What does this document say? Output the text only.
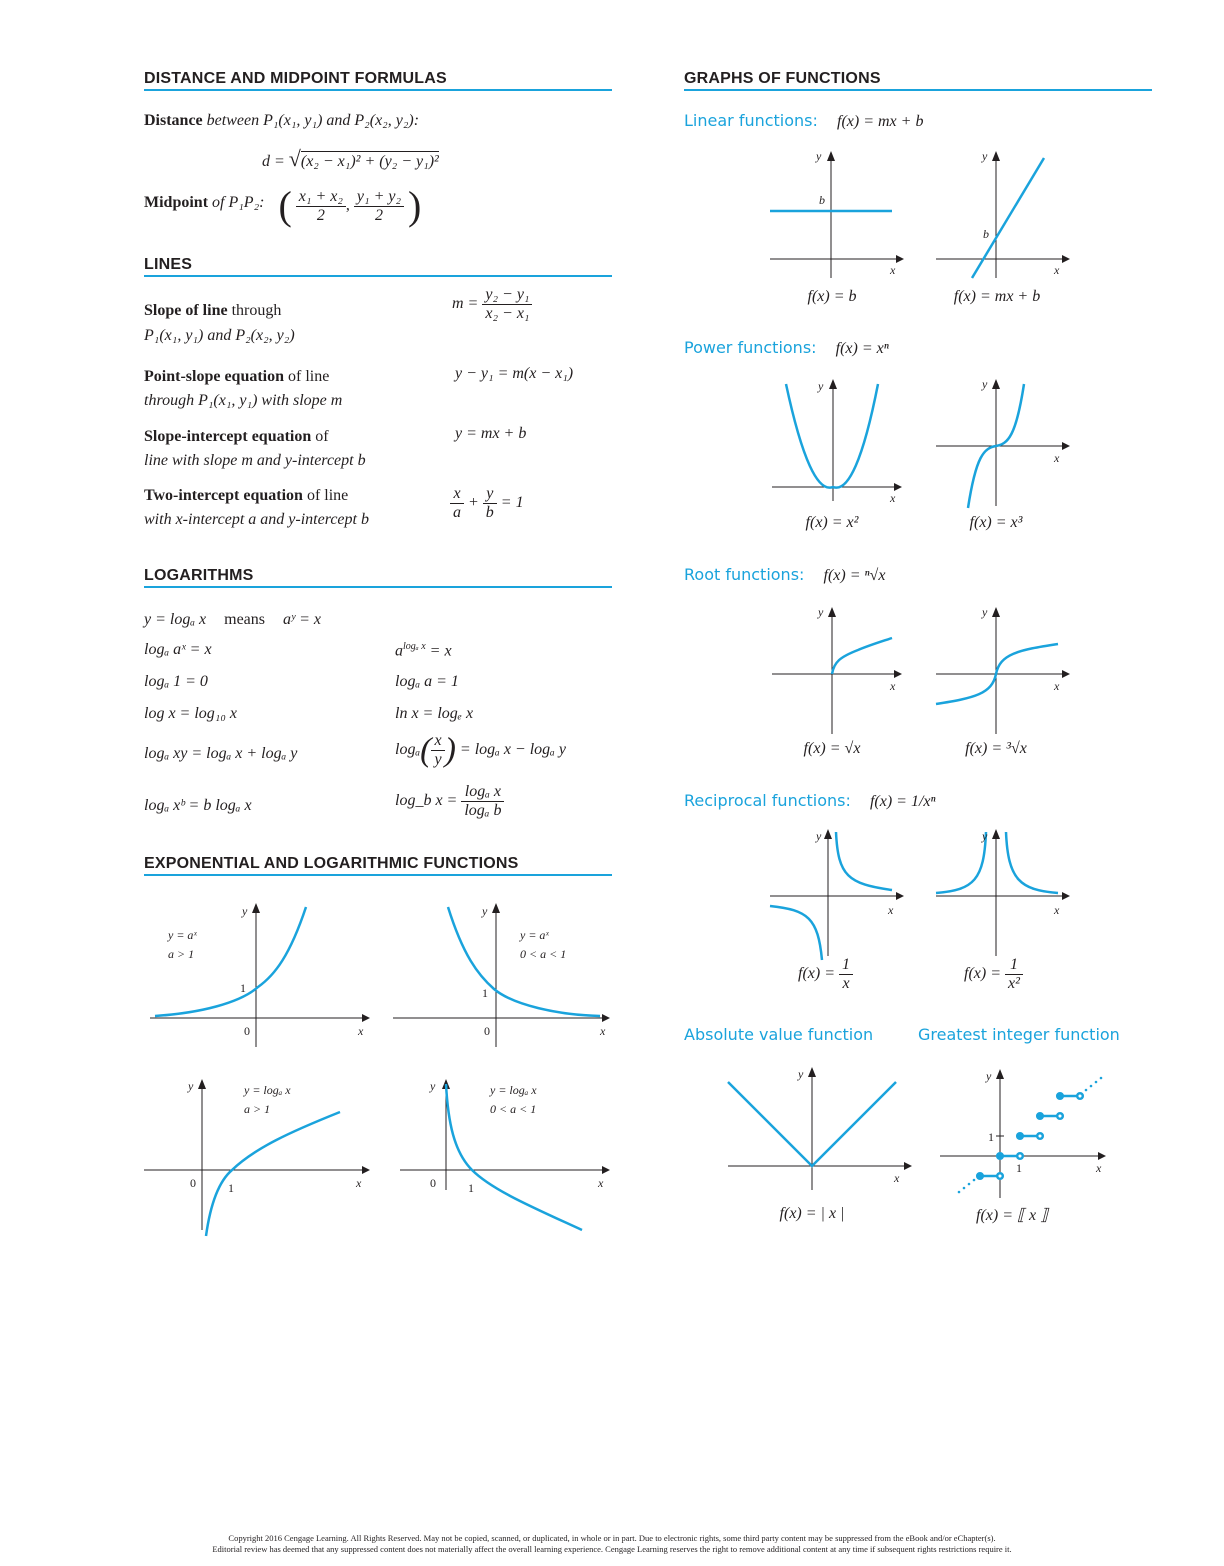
DISTANCE AND MIDPOINT FORMULAS
Distance between P₁(x₁, y₁) and P₂(x₂, y₂):
d = √(x₂ − x₁)² + (y₂ − y₁)²
Midpoint of P₁P₂: ( $\frac{\text{x₁ + x₂}}{2}$ , $\frac{\text{y₁ + y₂}}{2}$ )
LINES
Slope of line through
P₁(x₁, y₁) and P₂(x₂, y₂)
$m = \frac{\text{y₂ − y₁}}{\text{x₂ − x₁}}$
Point-slope equation of line
through P₁(x₁, y₁) with slope m
y − y₁ = m(x − x₁)
Slope-intercept equation of
line with slope m and y-intercept b
y = mx + b
Two-intercept equation of line
with x-intercept a and y-intercept b	$\frac{x}{a} + \frac{y}{b} = 1$
LOGARITHMS
y = logₐ x means aʸ = x
logₐ aˣ = x	$a^{log_a x} = x$
logₐ 1 = 0	logₐ a = 1
log x = log₁₀ x	ln x = logₑ x
logₐ xy = logₐ x + logₐ y	$\log_a( \frac{x}{y}$ ) = logₐ x − logₐ y
logₐ xᵇ = b logₐ x	log_b $x = \frac{\text{logₐ x}}{\text{logₐ b}}$
EXPONENTIAL AND LOGARITHMIC FUNCTIONS
y
x
1
0
y = aˣ
a > 1
y
x
1
0
y = aˣ
0 < a < 1
y
x
1
0
y = logₐ x
a > 1
y
x
1
0
y = logₐ x
0 < a < 1
GRAPHS OF FUNCTIONS
Linear functions: f(x) = mx + b
y
x
b
f(x) = b
y
x
b
f(x) = mx + b
Power functions: f(x) = xⁿ
y
x
f(x) = x²
y
x
f(x) = x³
Root functions: f(x) = ⁿ√x
y
x
f(x) = √x
y
x
f(x) = ³√x
Reciprocal functions: f(x) = 1/xⁿ
y
x
$f(x) = \frac{1}{x}$
y
x
$f(x) = \frac{1}{\text{x²}}$
Absolute value function	Greatest integer function
y
x
f(x) = | x |
y
x
1
1
f(x) = ⟦ x ⟧
Copyright 2016 Cengage Learning. All Rights Reserved. May not be copied, scanned, or duplicated, in whole or in part. Due to electronic rights, some third party content may be suppressed from the eBook and/or eChapter(s).
Editorial review has deemed that any suppressed content does not materially affect the overall learning experience. Cengage Learning reserves the right to remove additional content at any time if subsequent rights restrictions require it.
